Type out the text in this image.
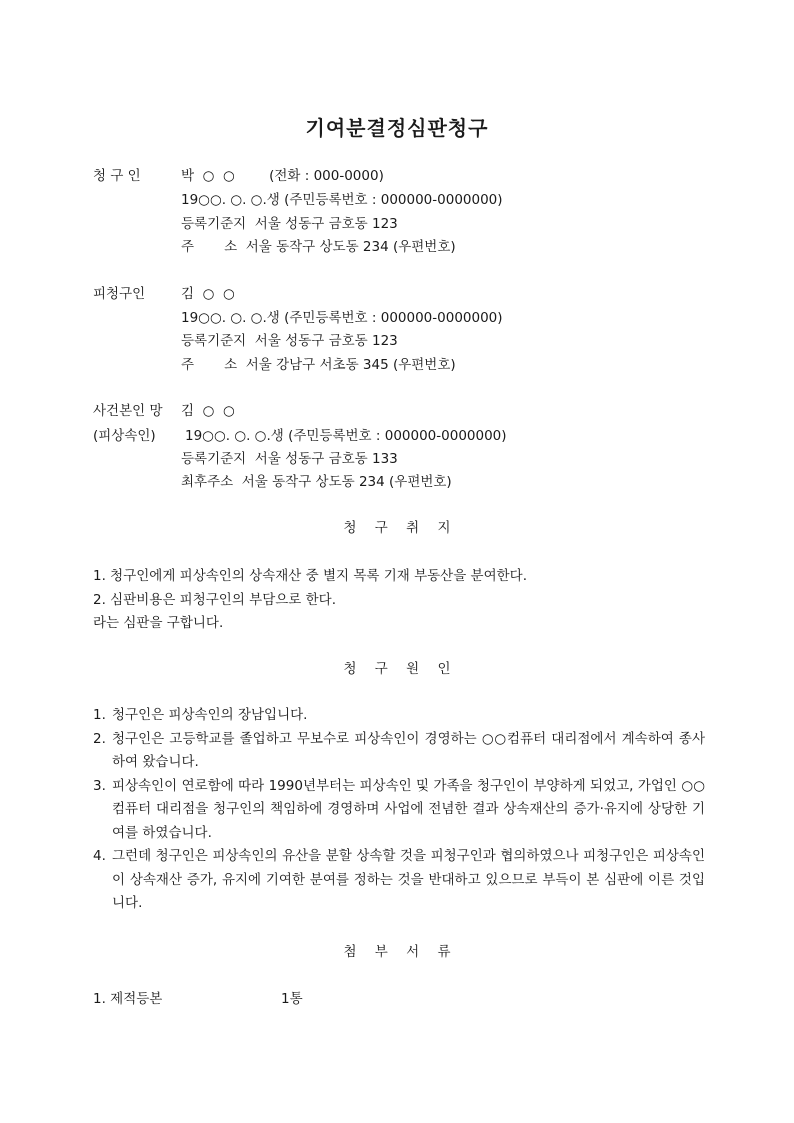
기여분결정심판청구
청 구 인	박  ○  ○        (전화 : 000-0000)
19○○. ○. ○.생 (주민등록번호 : 000000-0000000)
등록기준지  서울 성동구 금호동 123
주       소  서울 동작구 상도동 234 (우편번호)
피청구인	김  ○  ○
19○○. ○. ○.생 (주민등록번호 : 000000-0000000)
등록기준지  서울 성동구 금호동 123
주       소  서울 강남구 서초동 345 (우편번호)
사건본인 망 김  ○  ○
(피상속인) 19○○. ○. ○.생 (주민등록번호 : 000000-0000000)
등록기준지  서울 성동구 금호동 133
최후주소  서울 동작구 상도동 234 (우편번호)
청 구 취 지
1. 청구인에게 피상속인의 상속재산 중 별지 목록 기재 부동산을 분여한다.
2. 심판비용은 피청구인의 부담으로 한다.
라는 심판을 구합니다.
청 구 원 인
1. 청구인은 피상속인의 장남입니다.
2. 청구인은 고등학교를 졸업하고 무보수로 피상속인이 경영하는 ○○컴퓨터 대리점에서 계속하여 종사하여 왔습니다.
3. 피상속인이 연로함에 따라 1990년부터는 피상속인 및 가족을 청구인이 부양하게 되었고, 가업인 ○○컴퓨터 대리점을 청구인의 책임하에 경영하며 사업에 전념한 결과 상속재산의 증가·유지에 상당한 기여를 하였습니다.
4. 그런데 청구인은 피상속인의 유산을 분할 상속할 것을 피청구인과 협의하였으나 피청구인은 피상속인이 상속재산 증가, 유지에 기여한 분여를 정하는 것을 반대하고 있으므로 부득이 본 심판에 이른 것입니다.
첨 부 서 류
1. 제적등본	1통
